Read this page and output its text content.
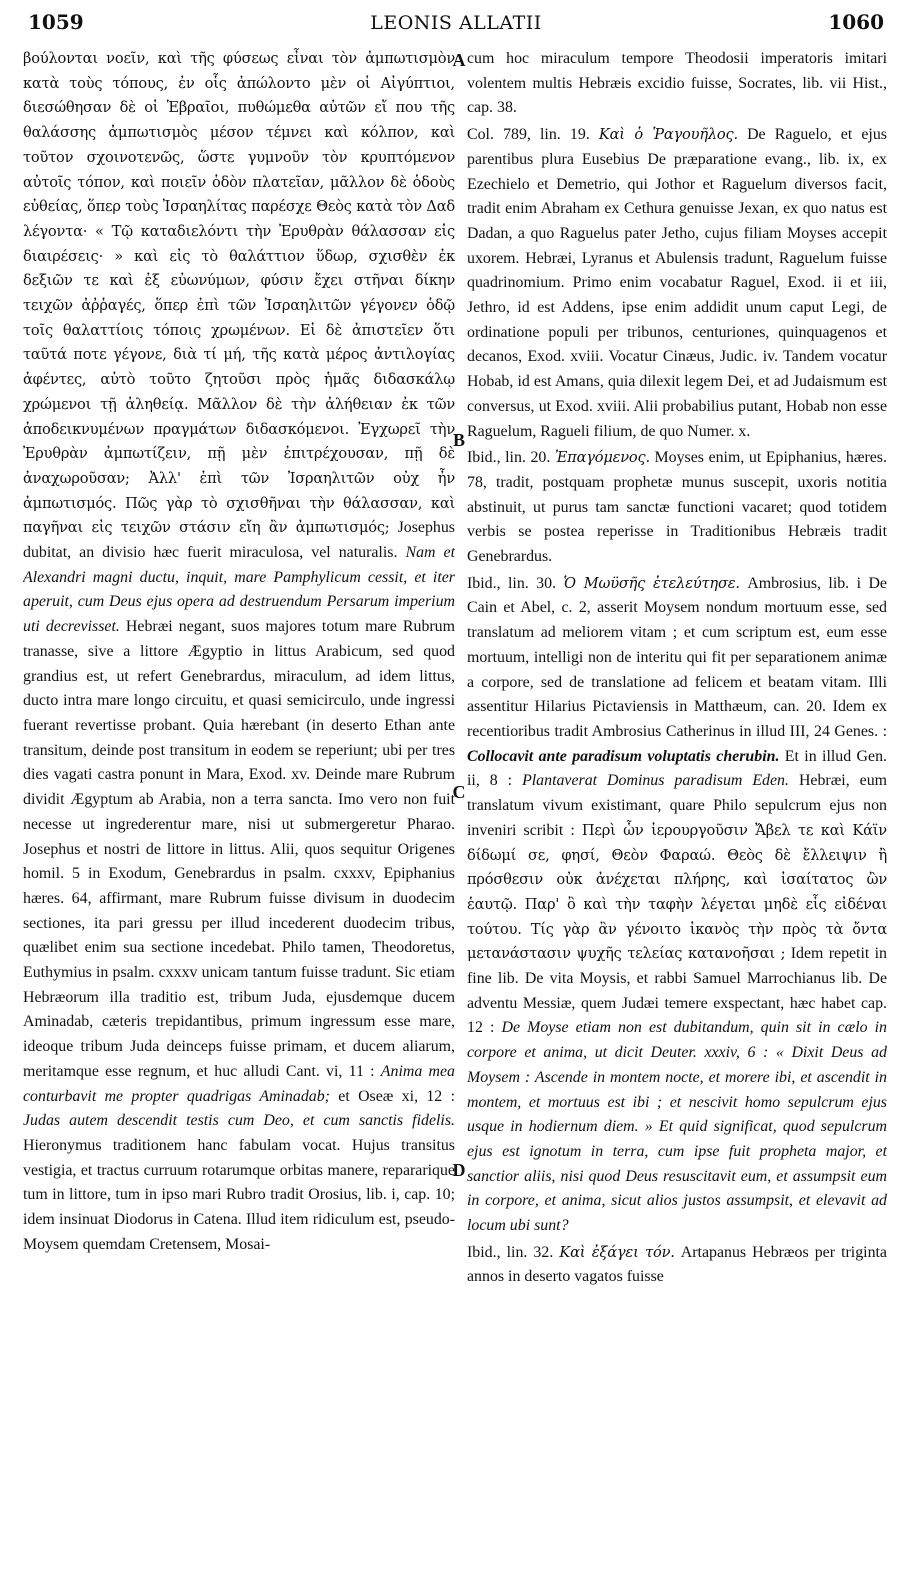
1059	LEONIS ALLATII	1060
A
B
C
D

βούλονται νοεῖν, καὶ τῆς φύσεως εἶναι τὸν ἀμπωτισμὸν κατὰ τοὺς τόπους, ἐν οἷς ἀπώλοντο μὲν οἱ Αἰγύπτιοι, διεσώθησαν δὲ οἱ Ἑβραῖοι, πυθώμεθα αὐτῶν εἴ που τῆς θαλάσσης ἀμπωτισμὸς μέσον τέμνει καὶ κόλπον, καὶ τοῦτον σχοινοτενῶς, ὥστε γυμνοῦν τὸν κρυπτόμενον αὐτοῖς τόπον, καὶ ποιεῖν ὁδὸν πλατεῖαν, μᾶλλον δὲ ὁδοὺς εὐθείας, ὅπερ τοὺς Ἰσραηλίτας παρέσχε Θεὸς κατὰ τὸν Δαδ λέγοντα· « Τῷ καταδιελόντι τὴν Ἐρυθρὰν θάλασσαν εἰς διαιρέσεις· » καὶ εἰς τὸ θαλάττιον ὕδωρ, σχισθὲν ἐκ δεξιῶν τε καὶ ἐξ εὐωνύμων, φύσιν ἔχει στῆναι δίκην τειχῶν ἀῤῥαγές, ὅπερ ἐπὶ τῶν Ἰσραηλιτῶν γέγονεν ὁδῷ τοῖς θαλαττίοις τόποις χρωμένων. Εἰ δὲ ἀπιστεῖεν ὅτι ταῦτά ποτε γέγονε, διὰ τί μή, τῆς κατὰ μέρος ἀντιλογίας ἀφέντες, αὐτὸ τοῦτο ζητοῦσι πρὸς ἡμᾶς διδασκάλῳ χρώμενοι τῇ ἀληθείᾳ. Μᾶλλον δὲ τὴν ἀλήθειαν ἐκ τῶν ἀποδεικνυμένων πραγμάτων διδασκόμενοι. Ἐγχωρεῖ τὴν Ἐρυθρὰν ἀμπωτίζειν, πῇ μὲν ἐπιτρέχουσαν, πῇ δὲ ἀναχωροῦσαν; Ἀλλ' ἐπὶ τῶν Ἰσραηλιτῶν οὐχ ἦν ἀμπωτισμός. Πῶς γὰρ τὸ σχισθῆναι τὴν θάλασσαν, καὶ παγῆναι εἰς τειχῶν στάσιν εἴη ἂν ἀμπωτισμός; Josephus dubitat, an divisio hæc fuerit miraculosa, vel naturalis. Nam et Alexandri magni ductu, inquit, mare Pamphylicum cessit, et iter aperuit, cum Deus ejus opera ad destruendum Persarum imperium uti decrevisset. Hebræi negant, suos majores totum mare Rubrum tranasse, sive a littore Ægyptio in littus Arabicum, sed quod grandius est, ut refert Genebrardus, miraculum, ad idem littus, ducto intra mare longo circuitu, et quasi semicirculo, unde ingressi fuerant revertisse probant. Quia hærebant (in deserto Ethan ante transitum, deinde post transitum in eodem se reperiunt; ubi per tres dies vagati castra ponunt in Mara, Exod. xv. Deinde mare Rubrum dividit Ægyptum ab Arabia, non a terra sancta. Imo vero non fuit necesse ut ingrederentur mare, nisi ut submergeretur Pharao. Josephus et nostri de littore in littus. Alii, quos sequitur Origenes homil. 5 in Exodum, Genebrardus in psalm. cxxxv, Epiphanius hæres. 64, affirmant, mare Rubrum fuisse divisum in duodecim sectiones, ita pari gressu per illud incederent duodecim tribus, quælibet enim sua sectione incedebat. Philo tamen, Theodoretus, Euthymius in psalm. cxxxv unicam tantum fuisse tradunt. Sic etiam Hebræorum illa traditio est, tribum Juda, ejusdemque ducem Aminadab, cæteris trepidantibus, primum ingressum esse mare, ideoque tribum Juda deinceps fuisse primam, et ducem aliarum, meritamque esse regnum, et huc alludi Cant. vi, 11 : Anima mea conturbavit me propter quadrigas Aminadab; et Oseæ xi, 12 : Judas autem descendit testis cum Deo, et cum sanctis fidelis. Hieronymus traditionem hanc fabulam vocat. Hujus transitus vestigia, et tractus curruum rotarumque orbitas manere, repararique tum in littore, tum in ipso mari Rubro tradit Orosius, lib. i, cap. 10; idem insinuat Diodorus in Catena. Illud item ridiculum est, pseudo-Moysem quemdam Cretensem, Mosai-

cum hoc miraculum tempore Theodosii imperatoris imitari volentem multis Hebræis excidio fuisse, Socrates, lib. vii Hist., cap. 38.

Col. 789, lin. 19. Καὶ ὁ Ῥαγουῆλος. De Raguelo, et ejus parentibus plura Eusebius De præparatione evang., lib. ix, ex Ezechielo et Demetrio, qui Jothor et Raguelum diversos facit, tradit enim Abraham ex Cethura genuisse Jexan, ex quo natus est Dadan, a quo Raguelus pater Jetho, cujus filiam Moyses accepit uxorem. Hebræi, Lyranus et Abulensis tradunt, Raguelum fuisse quadrinomium. Primo enim vocabatur Raguel, Exod. ii et iii, Jethro, id est Addens, ipse enim addidit unum caput Legi, de ordinatione populi per tribunos, centuriones, quinquagenos et decanos, Exod. xviii. Vocatur Cinæus, Judic. iv. Tandem vocatur Hobab, id est Amans, quia dilexit legem Dei, et ad Judaismum est conversus, ut Exod. xviii. Alii probabilius putant, Hobab non esse Raguelum, Ragueli filium, de quo Numer. x.

Ibid., lin. 20. Ἐπαγόμενος. Moyses enim, ut Epiphanius, hæres. 78, tradit, postquam prophetæ munus suscepit, uxoris notitia abstinuit, ut purus tam sanctæ functioni vacaret; quod totidem verbis se postea reperisse in Traditionibus Hebræis tradit Genebrardus.

Ibid., lin. 30. Ὁ Μωϋσῆς ἐτελεύτησε. Ambrosius, lib. i De Cain et Abel, c. 2, asserit Moysem nondum mortuum esse, sed translatum ad meliorem vitam ; et cum scriptum est, eum esse mortuum, intelligi non de interitu qui fit per separationem animæ a corpore, sed de translatione ad felicem et beatam vitam. Illi assentitur Hilarius Pictaviensis in Matthæum, can. 20. Idem ex recentioribus tradit Ambrosius Catherinus in illud III, 24 Genes. : Collocavit ante paradisum voluptatis cherubin. Et in illud Gen. ii, 8 : Plantaverat Dominus paradisum Eden. Hebræi, eum translatum vivum existimant, quare Philo sepulcrum ejus non inveniri scribit : Περὶ ὧν ἱερουργοῦσιν Ἄβελ τε καὶ Κάϊν δίδωμί σε, φησί, Θεὸν Φαραώ. Θεὸς δὲ ἔλλειψιν ἢ πρόσθεσιν οὐκ ἀνέχεται πλήρης, καὶ ἰσαίτατος ὢν ἑαυτῷ. Παρ' ὃ καὶ τὴν ταφὴν λέγεται μηδὲ εἷς εἰδέναι τούτου. Τίς γὰρ ἂν γένοιτο ἱκανὸς τὴν πρὸς τὰ ὄντα μετανάστασιν ψυχῆς τελείας κατανοῆσαι ; Idem repetit in fine lib. De vita Moysis, et rabbi Samuel Marrochianus lib. De adventu Messiæ, quem Judæi temere exspectant, hæc habet cap. 12 : De Moyse etiam non est dubitandum, quin sit in cælo in corpore et anima, ut dicit Deuter. xxxiv, 6 : « Dixit Deus ad Moysem : Ascende in montem nocte, et morere ibi, et ascendit in montem, et mortuus est ibi ; et nescivit homo sepulcrum ejus usque in hodiernum diem. » Et quid significat, quod sepulcrum ejus est ignotum in terra, cum ipse fuit propheta major, et sanctior aliis, nisi quod Deus resuscitavit eum, et assumpsit eum in corpore, et anima, sicut alios justos assumpsit, et elevavit ad locum ubi sunt?

Ibid., lin. 32. Καὶ ἐξάγει τόν. Artapanus Hebræos per triginta annos in deserto vagatos fuisse
